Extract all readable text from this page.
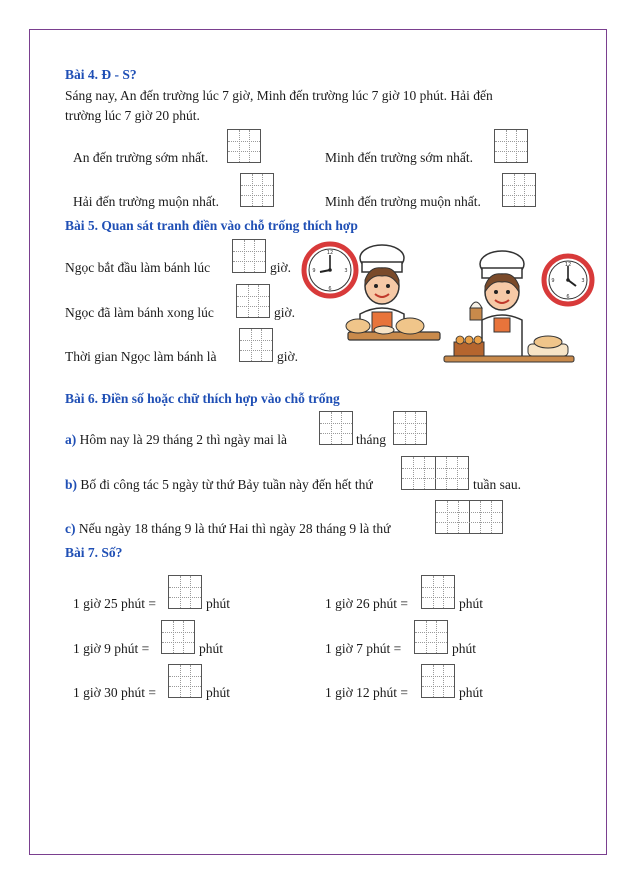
Bài 4. Đ - S?
Sáng nay, An đến trường lúc 7 giờ, Minh đến trường lúc 7 giờ 10 phút. Hải đến
trường lúc 7 giờ 20 phút.
An đến trường sớm nhất.	Minh đến trường sớm nhất.
Hải đến trường muộn nhất.	Minh đến trường muộn nhất.
Bài 5. Quan sát tranh điền vào chỗ trống thích hợp
Ngọc bắt đầu làm bánh lúc	giờ.
Ngọc đã làm bánh xong lúc	giờ.
Thời gian Ngọc làm bánh là	giờ.
12
3
6
9
12
3
6
9
Bài 6. Điền số hoặc chữ thích hợp vào chỗ trống
a) Hôm nay là 29 tháng 2 thì ngày mai là	tháng
b) Bố đi công tác 5 ngày từ thứ Bảy tuần này đến hết thứ	tuần sau.
c) Nếu ngày 18 tháng 9 là thứ Hai thì ngày 28 tháng 9 là thứ
Bài 7. Số?
1 giờ 25 phút =	phút	1 giờ 26 phút =	phút
1 giờ 9 phút =	phút	1 giờ 7 phút =	phút
1 giờ 30 phút =	phút	1 giờ 12 phút =	phút
